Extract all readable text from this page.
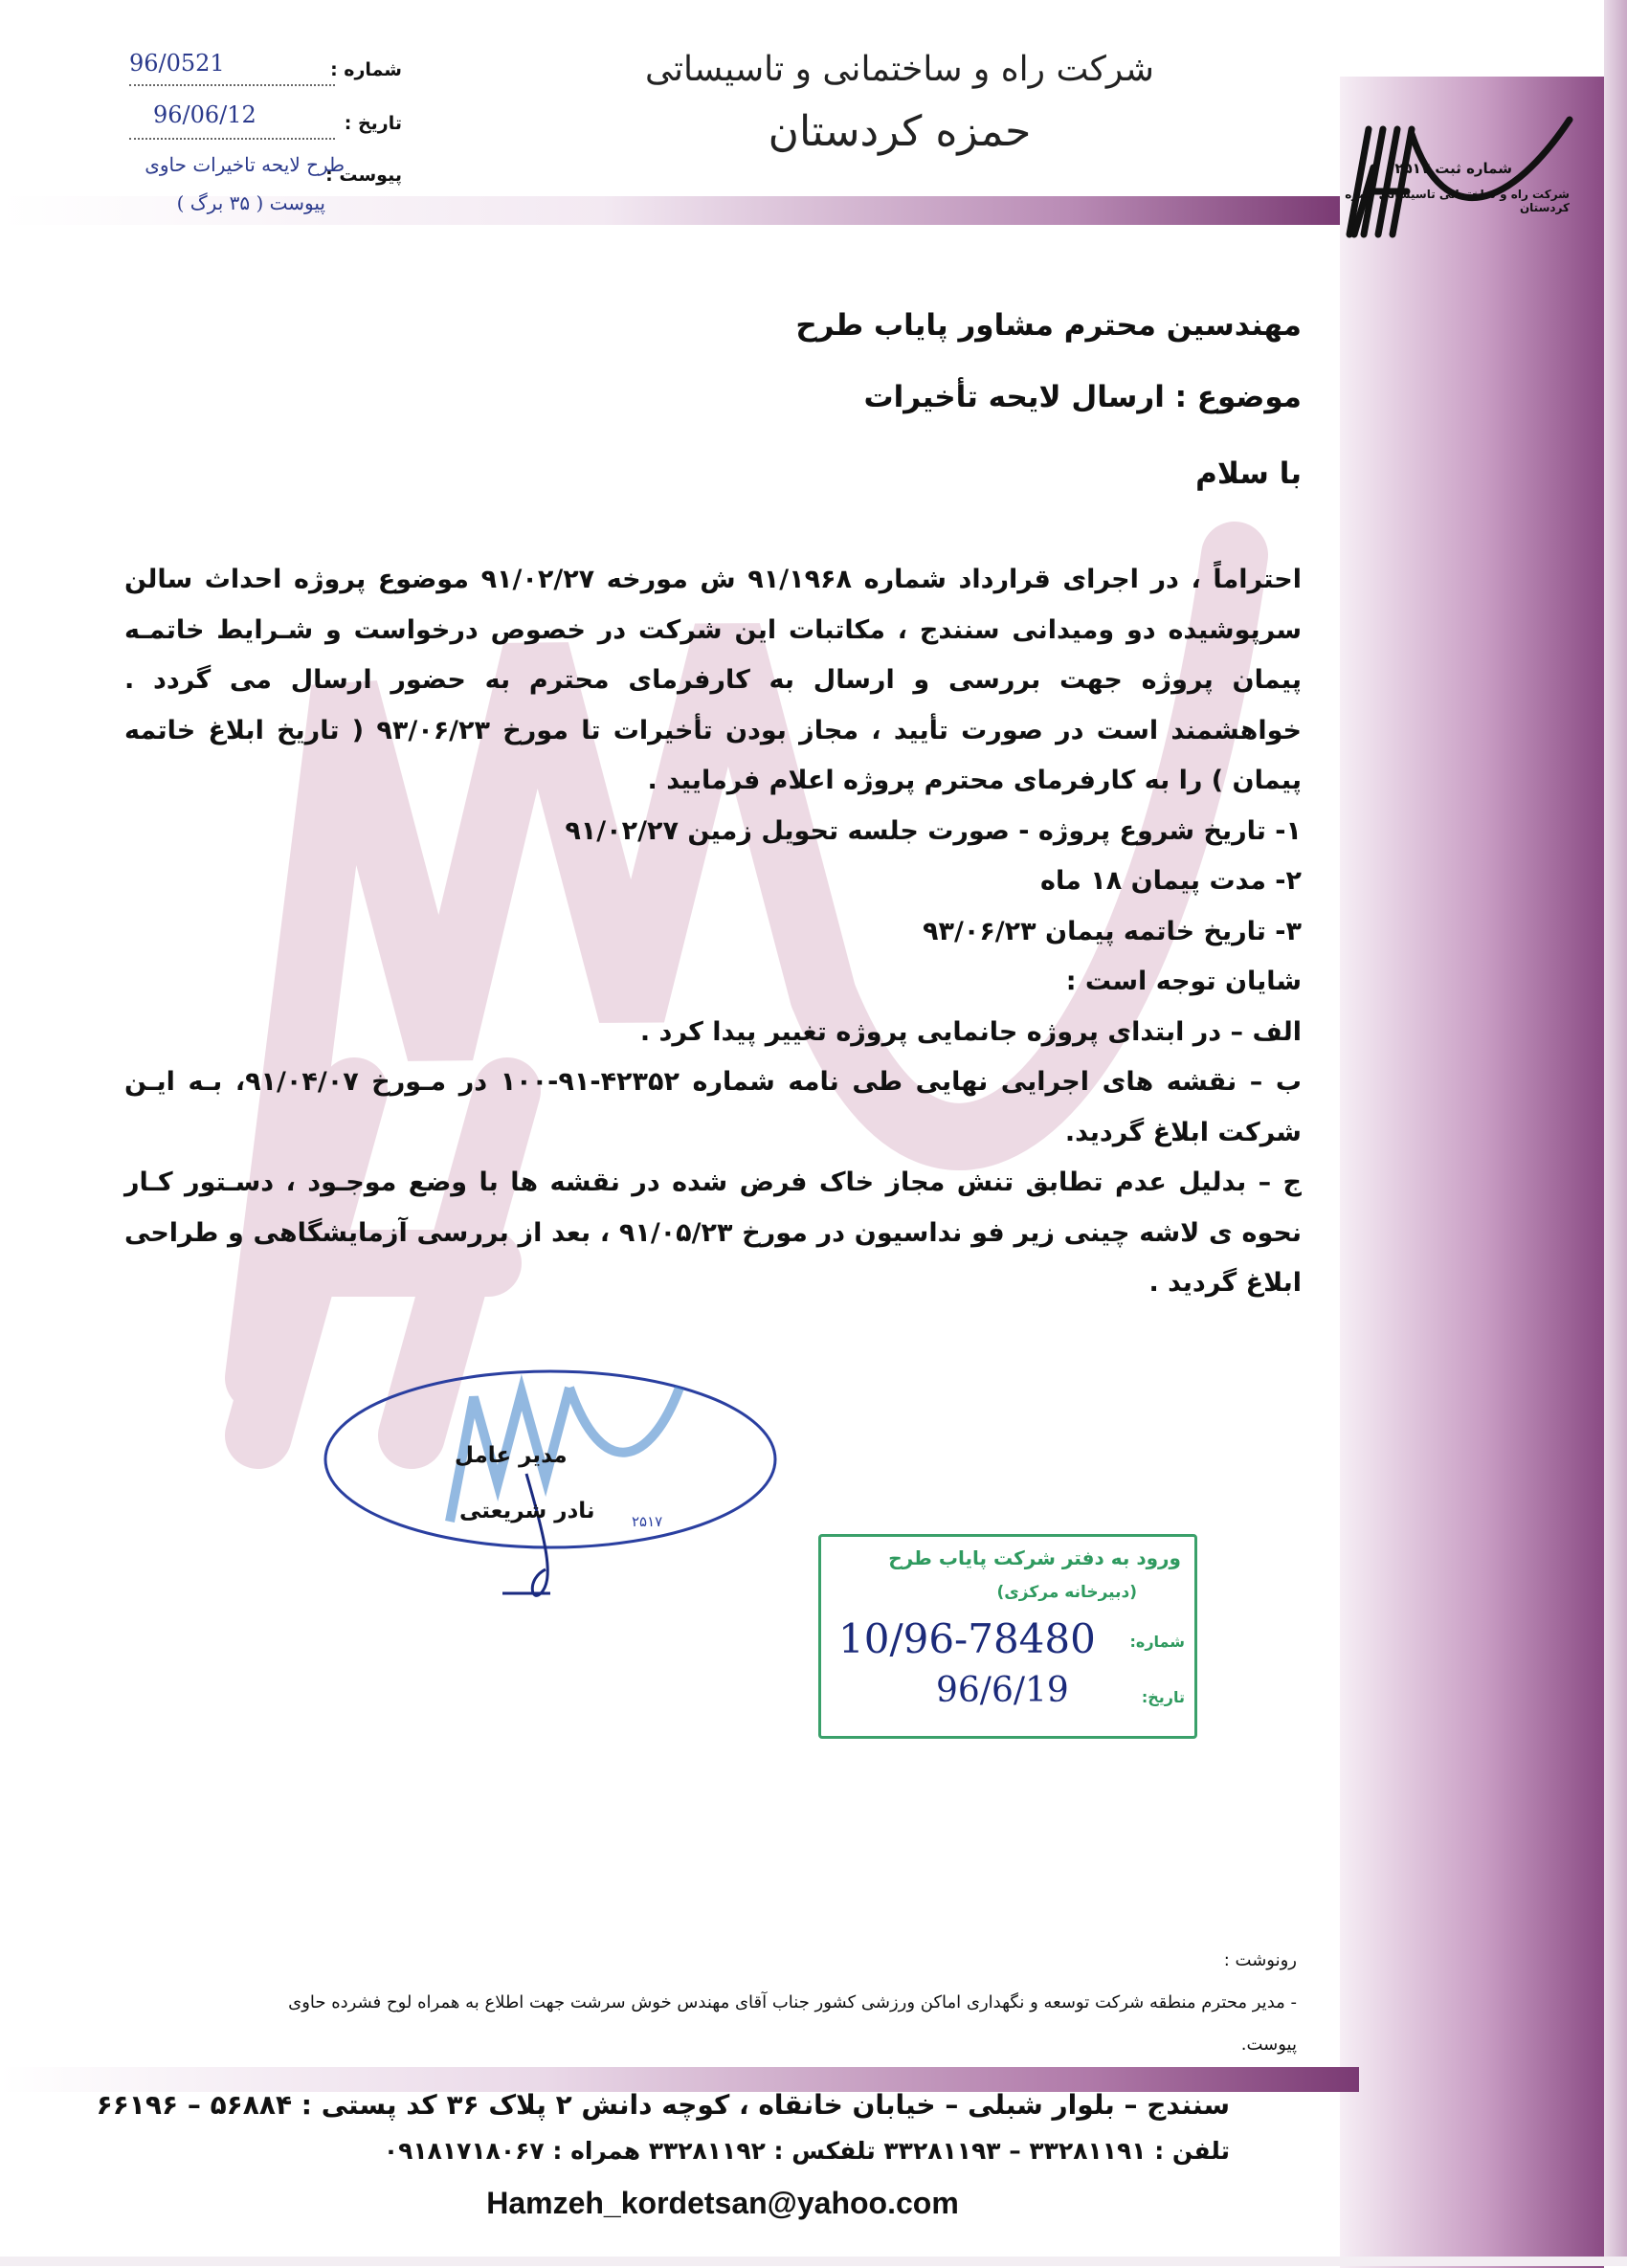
شماره ثبت ۲۵۱۷
شرکت راه و ساختمانی تاسیساتی حمزه کردستان
شرکت راه و ساختمانی و تاسیساتی
حمزه کردستان
شماره :
96/0521
تاریخ :
96/06/12
پیوست :
طرح لایحه تاخیرات حاوی
پیوست ( ۳۵ برگ )
مهندسین محترم مشاور پایاب طرح
موضوع : ارسال لایحه تأخیرات
با سلام

احتراماً ، در اجرای قرارداد شماره ۹۱/۱۹۶۸ ش مورخه ۹۱/۰۲/۲۷ موضوع پروژه احداث سالن سرپوشیده دو ومیدانی سنندج ، مکاتبات این شرکت در خصوص درخواست و شـرایط خاتمـه پیمان پروژه جهت بررسی و ارسال به کارفرمای محترم به حضور ارسال می گردد . خواهشمند است در صورت تأیید ، مجاز بودن تأخیرات تا مورخ ۹۳/۰۶/۲۳ ( تاریخ ابلاغ خاتمه پیمان ) را به کارفرمای محترم پروژه اعلام فرمایید .

۱- تاریخ شروع پروژه - صورت جلسه تحویل زمین ۹۱/۰۲/۲۷

۲- مدت پیمان ۱۸ ماه

۳- تاریخ خاتمه پیمان ۹۳/۰۶/۲۳

شایان توجه است :

الف – در ابتدای پروژه جانمایی پروژه تغییر پیدا کرد .

ب – نقشه های اجرایی نهایی طی نامه شماره ۴۲۳۵۲-۹۱-۱۰۰ در مـورخ ۹۱/۰۴/۰۷، بـه ایـن شرکت ابلاغ گردید.

ج – بدلیل عدم تطابق تنش مجاز خاک فرض شده در نقشه ها با وضع موجـود ، دسـتور کـار نحوه ی لاشه چینی زیر فو نداسیون در مورخ ۹۱/۰۵/۲۳ ، بعد از بررسی آزمایشگاهی و طراحی ابلاغ گردید .

۲۵۱۷
مدیر عامل
نادر شریعتی
ورود به دفتر شرکت پایاب طرح
(دبیرخانه مرکزی)
شماره:
تاریخ:
10/96-78480
96/6/19
رونوشت :
- مدیر محترم منطقه شرکت توسعه و نگهداری اماکن ورزشی کشور جناب آقای مهندس خوش سرشت جهت اطلاع به همراه لوح فشرده حاوی
پیوست.
سنندج – بلوار شبلی – خیابان خانقاه ، کوچه دانش ۲ پلاک ۳۶ کد پستی : ۵۶۸۸۴ – ۶۶۱۹۶
تلفن : ۳۳۲۸۱۱۹۱ – ۳۳۲۸۱۱۹۳ تلفکس : ۳۳۲۸۱۱۹۲ همراه : ۰۹۱۸۱۷۱۸۰۶۷
Hamzeh_kordetsan@yahoo.com
